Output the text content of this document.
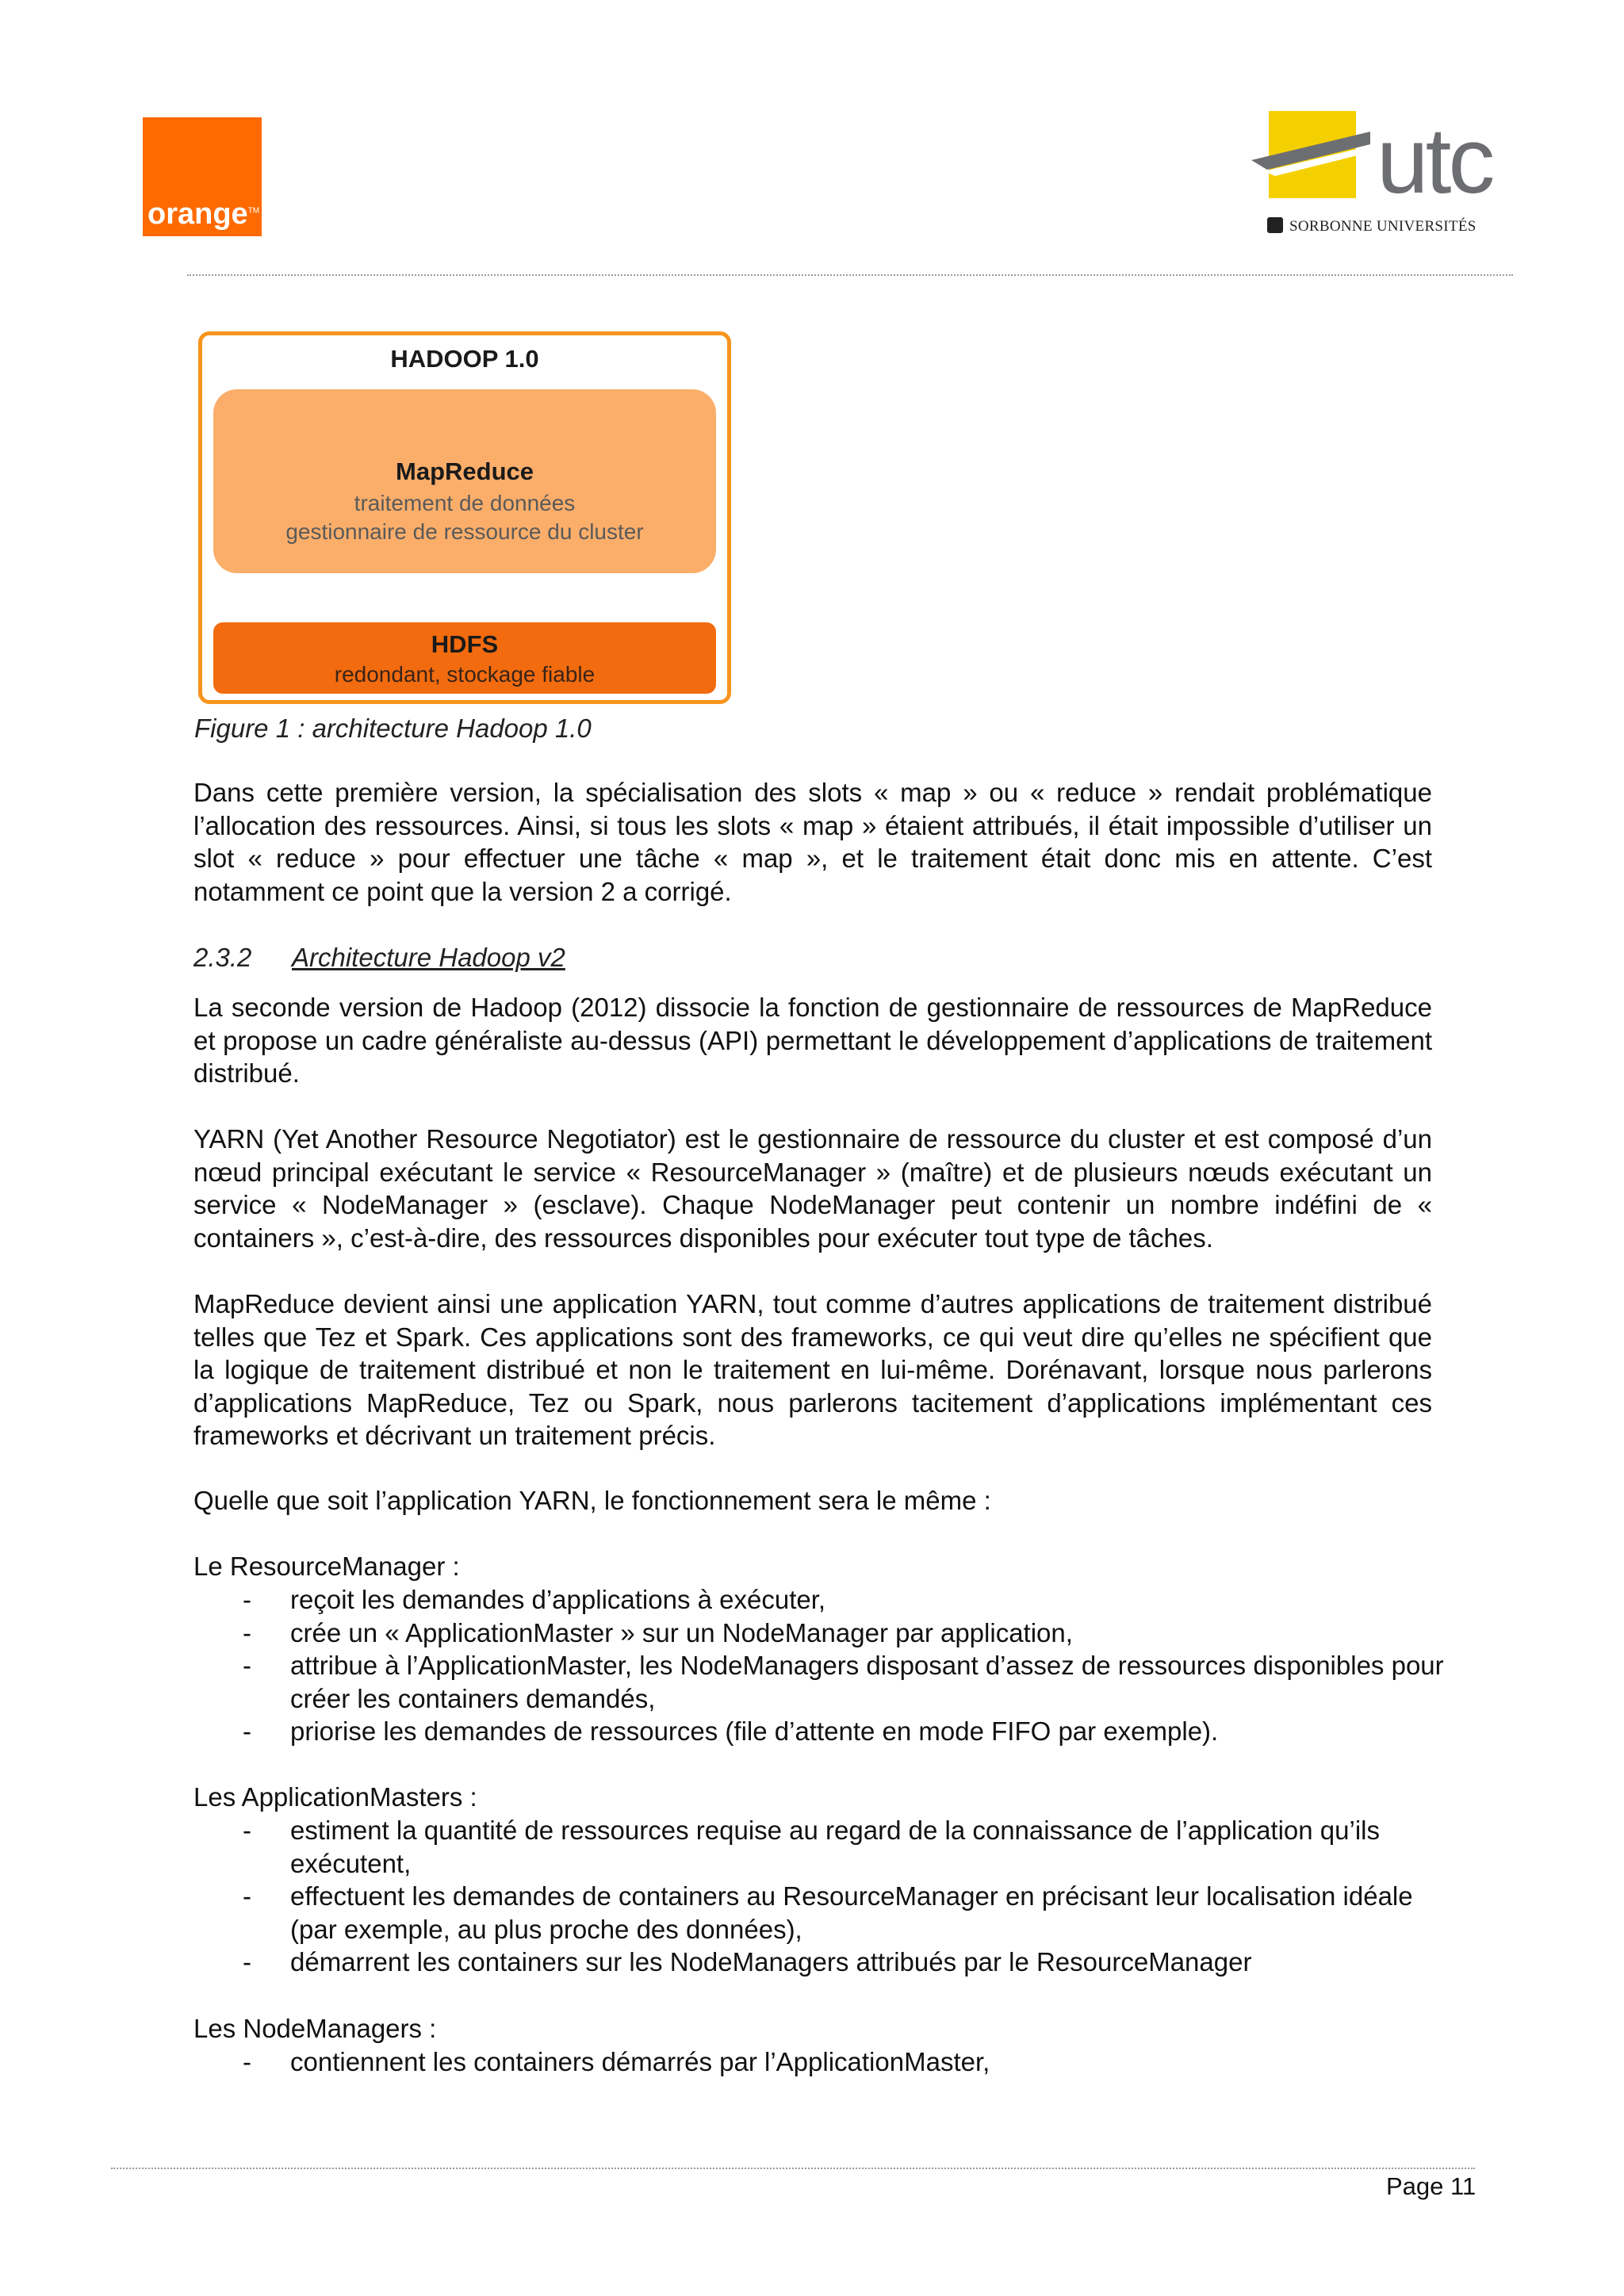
orange™	utc
SORBONNE UNIVERSITÉS
HADOOP 1.0
MapReduce
traitement de données
gestionnaire de ressource du cluster
HDFS
redondant, stockage fiable
Figure 1 : architecture Hadoop 1.0

Dans cette première version, la spécialisation des slots « map » ou « reduce » rendait problématique l’allocation des ressources. Ainsi, si tous les slots « map » étaient attribués, il était impossible d’utiliser un slot « reduce » pour effectuer une tâche « map », et le traitement était donc mis en attente. C’est notamment ce point que la version 2 a corrigé.

2.3.2 Architecture Hadoop v2

La seconde version de Hadoop (2012) dissocie la fonction de gestionnaire de ressources de MapReduce et propose un cadre généraliste au-dessus (API) permettant le développement d’applications de traitement distribué.

YARN (Yet Another Resource Negotiator) est le gestionnaire de ressource du cluster et est composé d’un nœud principal exécutant le service « ResourceManager » (maître) et de plusieurs nœuds exécutant un service « NodeManager » (esclave). Chaque NodeManager peut contenir un nombre indéfini de « containers », c’est-à-dire, des ressources disponibles pour exécuter tout type de tâches.

MapReduce devient ainsi une application YARN, tout comme d’autres applications de traitement distribué telles que Tez et Spark. Ces applications sont des frameworks, ce qui veut dire qu’elles ne spécifient que la logique de traitement distribué et non le traitement en lui-même. Dorénavant, lorsque nous parlerons d’applications MapReduce, Tez ou Spark, nous parlerons tacitement d’applications implémentant ces frameworks et décrivant un traitement précis.

Quelle que soit l’application YARN, le fonctionnement sera le même :

Le ResourceManager :

- reçoit les demandes d’applications à exécuter,
- crée un « ApplicationMaster » sur un NodeManager par application,
- attribue à l’ApplicationMaster, les NodeManagers disposant d’assez de ressources disponibles pour créer les containers demandés,
- priorise les demandes de ressources (file d’attente en mode FIFO par exemple).

Les ApplicationMasters :

- estiment la quantité de ressources requise au regard de la connaissance de l’application qu’ils exécutent,
- effectuent les demandes de containers au ResourceManager en précisant leur localisation idéale (par exemple, au plus proche des données),
- démarrent les containers sur les NodeManagers attribués par le ResourceManager

Les NodeManagers :

- contiennent les containers démarrés par l’ApplicationMaster,
Page 11
